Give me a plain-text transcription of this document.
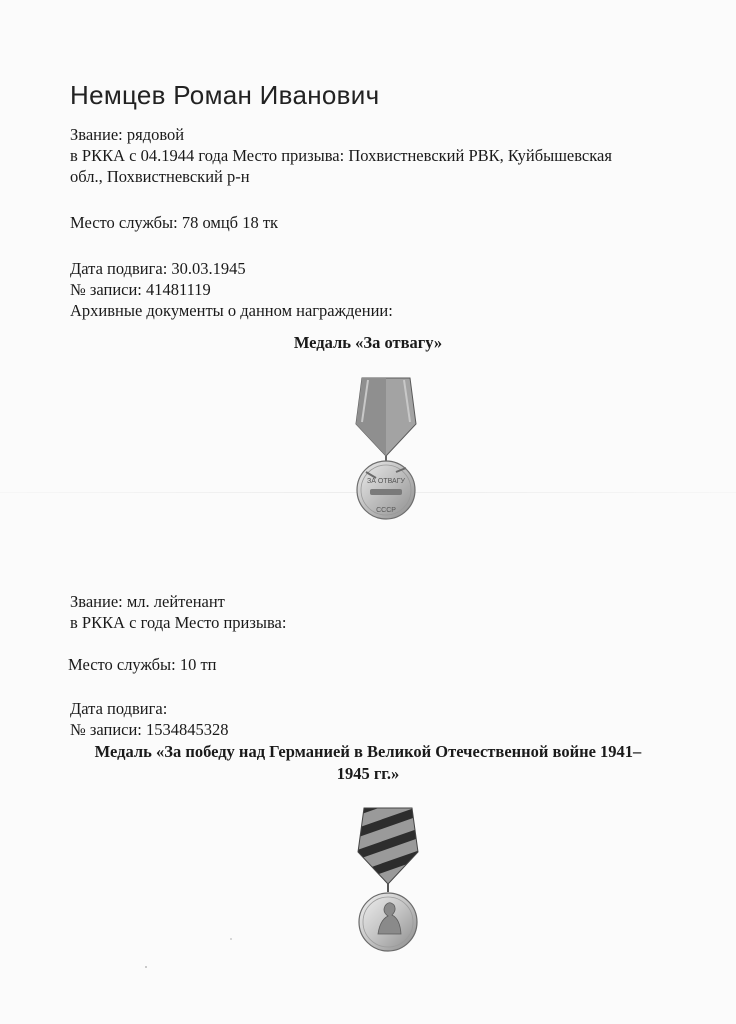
Немцев Роман Иванович
Звание: рядовой
в РККА с 04.1944 года Место призыва: Похвистневский РВК, Куйбышевская
обл., Похвистневский р-н
Место службы: 78 омцб 18 тк
Дата подвига: 30.03.1945
№ записи: 41481119
Архивные документы о данном награждении:
Медаль «За отвагу»
ЗА ОТВАГУ
СССР
Звание: мл. лейтенант
в РККА с года Место призыва:
Место службы: 10 тп
Дата подвига:
№ записи: 1534845328
Медаль «За победу над Германией в Великой Отечественной войне 1941–
1945 гг.»
